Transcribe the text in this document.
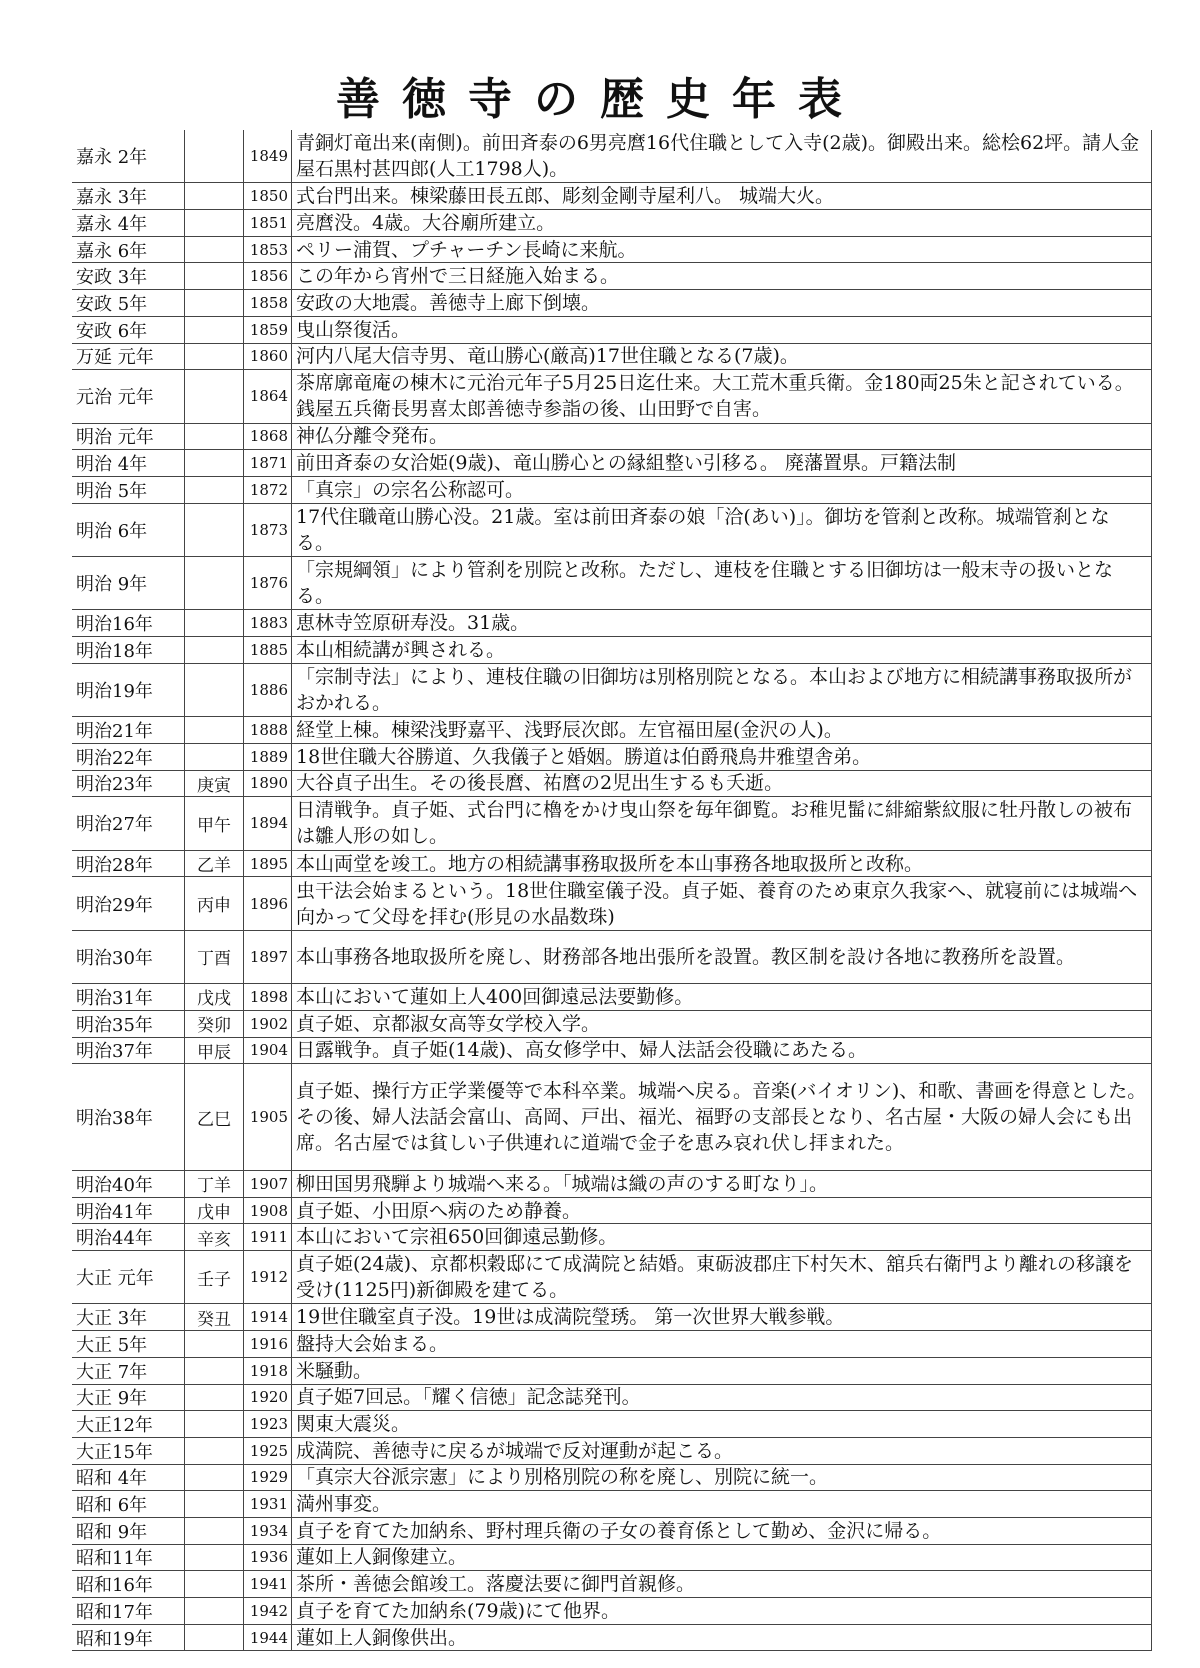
善徳寺の歴史年表
嘉永 2年	1849
青銅灯竜出来(南側)。前田斉泰の6男亮麿16代住職として入寺(2歳)。御殿出来。総桧62坪。請人金屋石黒村甚四郎(人工1798人)。
嘉永 3年	1850 式台門出来。棟梁藤田長五郎、彫刻金剛寺屋利八。 城端大火。
嘉永 4年	1851 亮麿没。4歳。大谷廟所建立。
嘉永 6年	1853 ペリー浦賀、プチャーチン長崎に来航。
安政 3年	1856 この年から宵州で三日経施入始まる。
安政 5年	1858 安政の大地震。善徳寺上廊下倒壊。
安政 6年	1859 曳山祭復活。
万延 元年	1860 河内八尾大信寺男、竜山勝心(厳高)17世住職となる(7歳)。
元治 元年	1864
茶席廓竜庵の棟木に元治元年子5月25日迄仕来。大工荒木重兵衛。金180両25朱と記されている。銭屋五兵衛長男喜太郎善徳寺参詣の後、山田野で自害。
明治 元年	1868 神仏分離令発布。
明治 4年	1871 前田斉泰の女洽姫(9歳)、竜山勝心との縁組整い引移る。 廃藩置県。戸籍法制
明治 5年	1872 「真宗」の宗名公称認可。
明治 6年	1873
17代住職竜山勝心没。21歳。室は前田斉泰の娘「洽(あい)」。御坊を管刹と改称。城端管刹となる。
明治 9年	1876
「宗規綱領」により管刹を別院と改称。ただし、連枝を住職とする旧御坊は一般末寺の扱いとなる。
明治16年	1883 恵林寺笠原研寿没。31歳。
明治18年	1885 本山相続講が興される。
明治19年	1886
「宗制寺法」により、連枝住職の旧御坊は別格別院となる。本山および地方に相続講事務取扱所がおかれる。
明治21年	1888 経堂上棟。棟梁浅野嘉平、浅野辰次郎。左官福田屋(金沢の人)。
明治22年	1889 18世住職大谷勝道、久我儀子と婚姻。勝道は伯爵飛鳥井雅望舎弟。
明治23年	庚寅	1890 大谷貞子出生。その後長麿、祐麿の2児出生するも夭逝。
明治27年	甲午	1894
日清戦争。貞子姫、式台門に櫓をかけ曳山祭を毎年御覧。お稚児髷に緋縮紫紋服に牡丹散しの被布は雛人形の如し。
明治28年	乙羊	1895 本山両堂を竣工。地方の相続講事務取扱所を本山事務各地取扱所と改称。
明治29年	丙申	1896
虫干法会始まるという。18世住職室儀子没。貞子姫、養育のため東京久我家へ、就寝前には城端へ向かって父母を拝む(形見の水晶数珠)
明治30年	丁酉	1897 本山事務各地取扱所を廃し、財務部各地出張所を設置。教区制を設け各地に教務所を設置。
明治31年	戊戌	1898 本山において蓮如上人400回御遠忌法要勤修。
明治35年	癸卯	1902 貞子姫、京都淑女高等女学校入学。
明治37年	甲辰	1904 日露戦争。貞子姫(14歳)、高女修学中、婦人法話会役職にあたる。
明治38年	乙巳	1905
貞子姫、操行方正学業優等で本科卒業。城端へ戻る。音楽(バイオリン)、和歌、書画を得意とした。その後、婦人法話会富山、高岡、戸出、福光、福野の支部長となり、名古屋・大阪の婦人会にも出席。名古屋では貧しい子供連れに道端で金子を恵み哀れ伏し拝まれた。
明治40年	丁羊	1907 柳田国男飛騨より城端へ来る。「城端は織の声のする町なり」。
明治41年	戊申	1908 貞子姫、小田原へ病のため静養。
明治44年	辛亥	1911 本山において宗祖650回御遠忌勤修。
大正 元年	壬子	1912
貞子姫(24歳)、京都枳穀邸にて成満院と結婚。東砺波郡庄下村矢木、舘兵右衛門より離れの移譲を受け(1125円)新御殿を建てる。
大正 3年	癸丑	1914 19世住職室貞子没。19世は成満院瑩琇。 第一次世界大戦参戦。
大正 5年	1916 盤持大会始まる。
大正 7年	1918 米騒動。
大正 9年	1920 貞子姫7回忌。「耀く信徳」記念誌発刊。
大正12年	1923 関東大震災。
大正15年	1925 成満院、善徳寺に戻るが城端で反対運動が起こる。
昭和 4年	1929 「真宗大谷派宗憲」により別格別院の称を廃し、別院に統一。
昭和 6年	1931 満州事変。
昭和 9年	1934 貞子を育てた加納糸、野村理兵衛の子女の養育係として勤め、金沢に帰る。
昭和11年	1936 蓮如上人銅像建立。
昭和16年	1941 茶所・善徳会館竣工。落慶法要に御門首親修。
昭和17年	1942 貞子を育てた加納糸(79歳)にて他界。
昭和19年	1944 蓮如上人銅像供出。
